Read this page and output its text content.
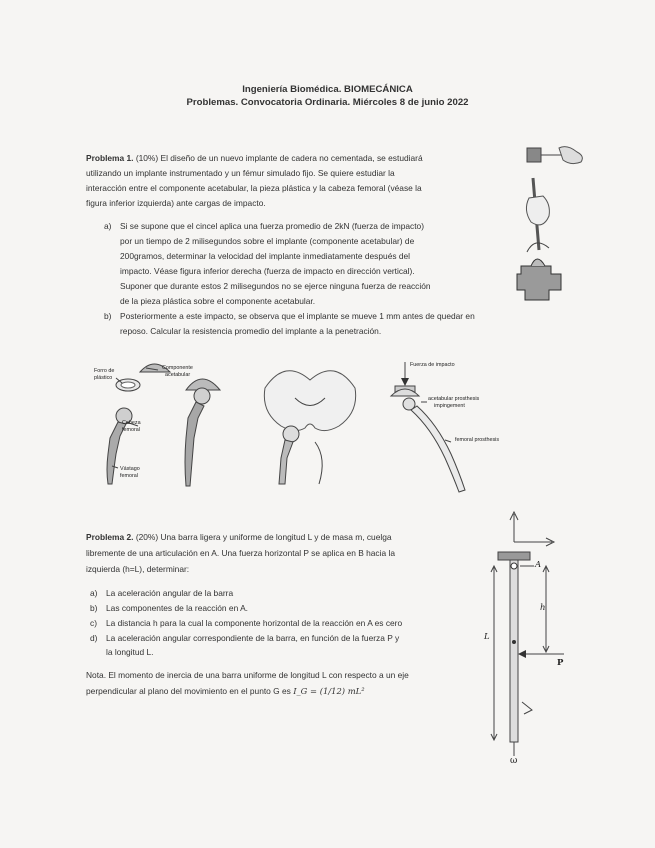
Ingeniería Biomédica. BIOMECÁNICA
Problemas. Convocatoria Ordinaria. Miércoles 8 de junio 2022
Problema 1. (10%) El diseño de un nuevo implante de cadera no cementada, se estudiará
utilizando un implante instrumentado y un fémur simulado fijo. Se quiere estudiar la
interacción entre el componente acetabular, la pieza plástica y la cabeza femoral (véase la
figura inferior izquierda) ante cargas de impacto.
a) Si se supone que el cincel aplica una fuerza promedio de 2kN (fuerza de impacto)
por un tiempo de 2 milisegundos sobre el implante (componente acetabular) de
200gramos, determinar la velocidad del implante inmediatamente después del
impacto. Véase figura inferior derecha (fuerza de impacto en dirección vertical).
Suponer que durante estos 2 milisegundos no se ejerce ninguna fuerza de reacción
de la pieza plástica sobre el componente acetabular.
b) Posteriormente a este impacto, se observa que el implante se mueve 1 mm antes de quedar en
reposo. Calcular la resistencia promedio del implante a la penetración.
Forro de
plástico
Componente
acetabular
Cabeza
femoral
Vástago
femoral
Fuerza de impacto
acetabular prosthesis
impingement
femoral prosthesis
Problema 2. (20%) Una barra ligera y uniforme de longitud L y de masa m, cuelga
libremente de una articulación en A. Una fuerza horizontal P se aplica en B hacia la
izquierda (h=L), determinar:
a) La aceleración angular de la barra
b) Las componentes de la reacción en A.
c) La distancia h para la cual la componente horizontal de la reacción en A es cero
d) La aceleración angular correspondiente de la barra, en función de la fuerza P y
la longitud L.
Nota. El momento de inercia de una barra uniforme de longitud L con respecto a un eje
perpendicular al plano del movimiento en el punto G es I_G = (1/12) mL²
A
h
L
P
ω
